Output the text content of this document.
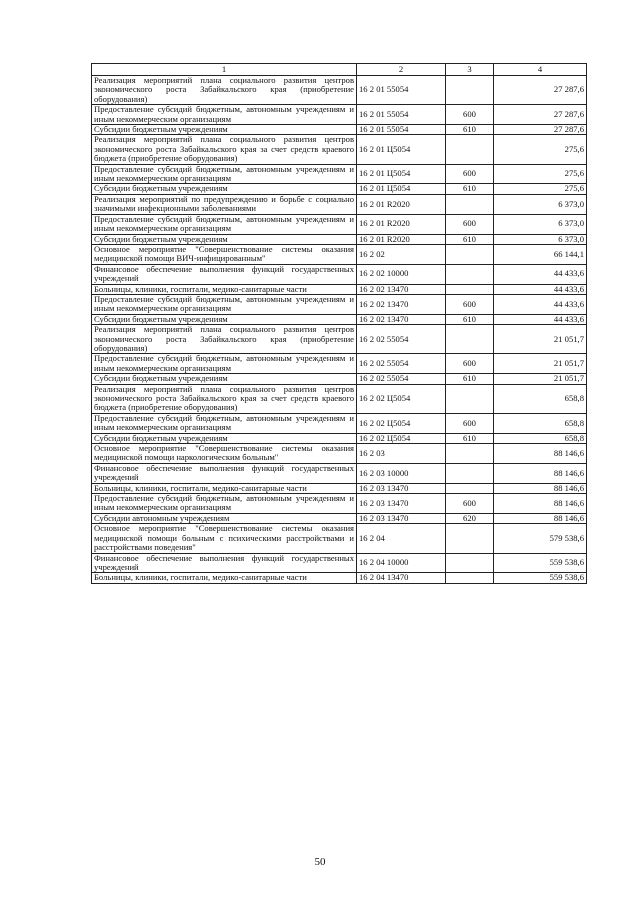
1	2	3	4
Реализация мероприятий плана социального развития центров экономического роста Забайкальского края (приобретение оборудования)	16 2 01 55054		27 287,6
Предоставление субсидий бюджетным, автономным учреждениям и иным некоммерческим организациям	16 2 01 55054	600	27 287,6
Субсидии бюджетным учреждениям	16 2 01 55054	610	27 287,6
Реализация мероприятий плана социального развития центров экономического роста Забайкальского края за счет средств краевого бюджета (приобретение оборудования)	16 2 01 Ц5054		275,6
Предоставление субсидий бюджетным, автономным учреждениям и иным некоммерческим организациям	16 2 01 Ц5054	600	275,6
Субсидии бюджетным учреждениям	16 2 01 Ц5054	610	275,6
Реализация мероприятий по предупреждению и борьбе с социально значимыми инфекционными заболеваниями	16 2 01 R2020		6 373,0
Предоставление субсидий бюджетным, автономным учреждениям и иным некоммерческим организациям	16 2 01 R2020	600	6 373,0
Субсидии бюджетным учреждениям	16 2 01 R2020	610	6 373,0
Основное мероприятие "Совершенствование системы оказания медицинской помощи ВИЧ-инфицированным"	16 2 02		66 144,1
Финансовое обеспечение выполнения функций государственных учреждений	16 2 02 10000		44 433,6
Больницы, клиники, госпитали, медико-санитарные части	16 2 02 13470		44 433,6
Предоставление субсидий бюджетным, автономным учреждениям и иным некоммерческим организациям	16 2 02 13470	600	44 433,6
Субсидии бюджетным учреждениям	16 2 02 13470	610	44 433,6
Реализация мероприятий плана социального развития центров экономического роста Забайкальского края (приобретение оборудования)	16 2 02 55054		21 051,7
Предоставление субсидий бюджетным, автономным учреждениям и иным некоммерческим организациям	16 2 02 55054	600	21 051,7
Субсидии бюджетным учреждениям	16 2 02 55054	610	21 051,7
Реализация мероприятий плана социального развития центров экономического роста Забайкальского края за счет средств краевого бюджета (приобретение оборудования)	16 2 02 Ц5054		658,8
Предоставление субсидий бюджетным, автономным учреждениям и иным некоммерческим организациям	16 2 02 Ц5054	600	658,8
Субсидии бюджетным учреждениям	16 2 02 Ц5054	610	658,8
Основное мероприятие "Совершенствование системы оказания медицинской помощи наркологическим больным"	16 2 03		88 146,6
Финансовое обеспечение выполнения функций государственных учреждений	16 2 03 10000		88 146,6
Больницы, клиники, госпитали, медико-санитарные части	16 2 03 13470		88 146,6
Предоставление субсидий бюджетным, автономным учреждениям и иным некоммерческим организациям	16 2 03 13470	600	88 146,6
Субсидии автономным учреждениям	16 2 03 13470	620	88 146,6
Основное мероприятие "Совершенствование системы оказания медицинской помощи больным с психическими расстройствами и расстройствами поведения"	16 2 04		579 538,6
Финансовое обеспечение выполнения функций государственных учреждений	16 2 04 10000		559 538,6
Больницы, клиники, госпитали, медико-санитарные части	16 2 04 13470		559 538,6
50
